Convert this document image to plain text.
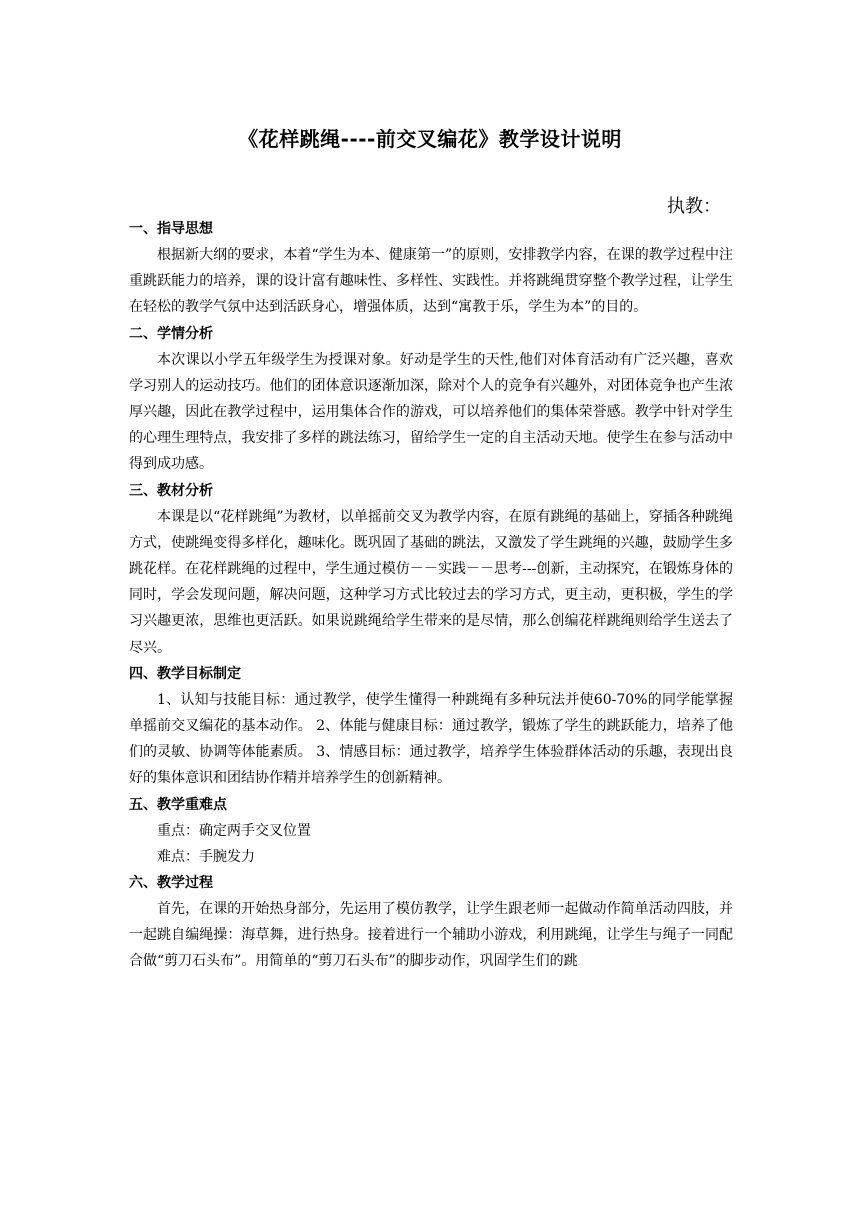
《花样跳绳----前交叉编花》教学设计说明
执教：

一、指导思想

根据新大纲的要求，本着“学生为本、健康第一”的原则，安排教学内容，在课的教学过程中注重跳跃能力的培养，课的设计富有趣味性、多样性、实践性。并将跳绳贯穿整个教学过程，让学生在轻松的教学气氛中达到活跃身心，增强体质，达到“寓教于乐，学生为本”的目的。

二、学情分析

本次课以小学五年级学生为授课对象。好动是学生的天性,他们对体育活动有广泛兴趣，喜欢学习别人的运动技巧。他们的团体意识逐渐加深，除对个人的竞争有兴趣外，对团体竞争也产生浓厚兴趣，因此在教学过程中，运用集体合作的游戏，可以培养他们的集体荣誉感。教学中针对学生的心理生理特点，我安排了多样的跳法练习，留给学生一定的自主活动天地。使学生在参与活动中得到成功感。

三、教材分析

本课是以“花样跳绳”为教材，以单摇前交叉为教学内容，在原有跳绳的基础上，穿插各种跳绳方式，使跳绳变得多样化，趣味化。既巩固了基础的跳法，又激发了学生跳绳的兴趣，鼓励学生多跳花样。在花样跳绳的过程中，学生通过模仿－－实践－－思考---创新，主动探究，在锻炼身体的同时，学会发现问题，解决问题，这种学习方式比较过去的学习方式，更主动，更积极，学生的学习兴趣更浓，思维也更活跃。如果说跳绳给学生带来的是尽情，那么创编花样跳绳则给学生送去了尽兴。

四、教学目标制定

1、认知与技能目标：通过教学，使学生懂得一种跳绳有多种玩法并使60-70%的同学能掌握单摇前交叉编花的基本动作。 2、体能与健康目标：通过教学，锻炼了学生的跳跃能力，培养了他们的灵敏、协调等体能素质。 3、情感目标：通过教学，培养学生体验群体活动的乐趣，表现出良好的集体意识和团结协作精并培养学生的创新精神。

五、教学重难点

重点：确定两手交叉位置

难点：手腕发力

六、教学过程

首先，在课的开始热身部分，先运用了模仿教学，让学生跟老师一起做动作简单活动四肢，并一起跳自编绳操：海草舞，进行热身。接着进行一个辅助小游戏，利用跳绳，让学生与绳子一同配合做“剪刀石头布”。用简单的“剪刀石头布”的脚步动作，巩固学生们的跳
